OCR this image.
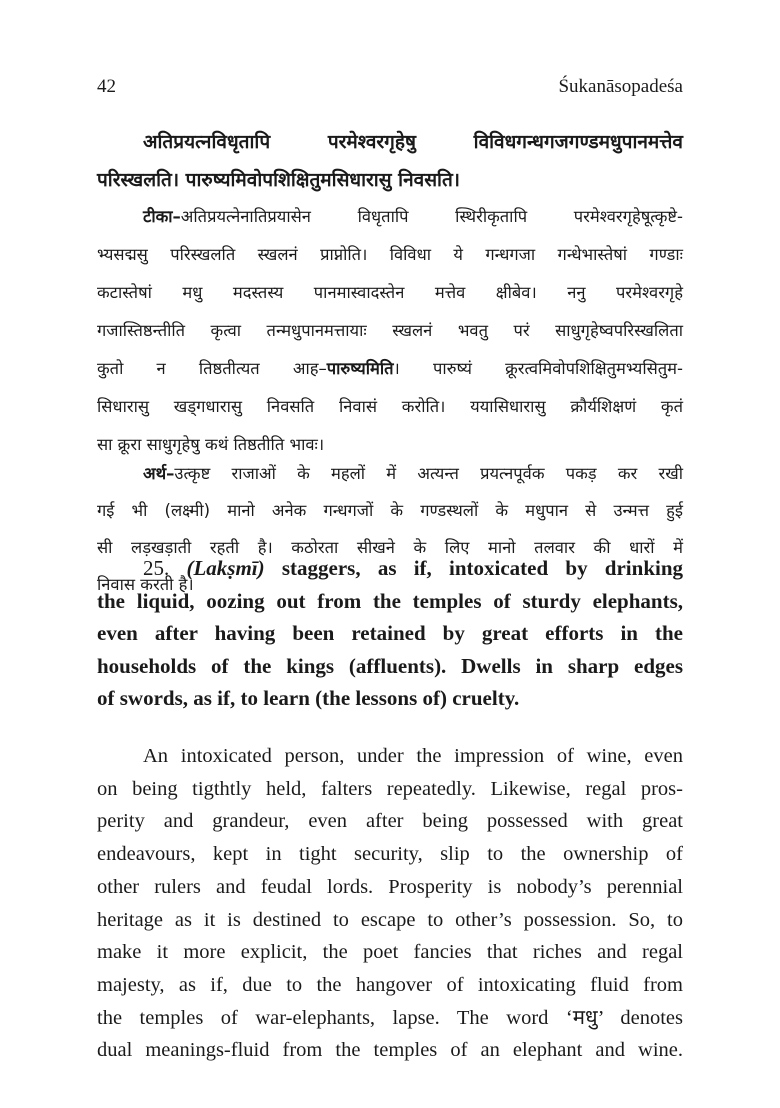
42	Śukanāsopadeśa
अतिप्रयत्नविधृतापि परमेश्वरगृहेषु विविधगन्धगजगण्डमधुपानमत्तेव
परिस्खलति। पारुष्यमिवोपशिक्षितुमसिधारासु निवसति।
टीका–अतिप्रयत्नेनातिप्रयासेन विधृतापि स्थिरीकृतापि परमेश्वरगृहेषूत्कृष्टे-
भ्यसद्मसु परिस्खलति स्खलनं प्राप्नोति। विविधा ये गन्धगजा गन्धेभास्तेषां गण्डाः
कटास्तेषां मधु मदस्तस्य पानमास्वादस्तेन मत्तेव क्षीबेव। ननु परमेश्वरगृहे
गजास्तिष्ठन्तीति कृत्वा तन्मधुपानमत्तायाः स्खलनं भवतु परं साधुगृहेष्वपरिस्खलिता
कुतो न तिष्ठतीत्यत आह–पारुष्यमिति। पारुष्यं क्रूरत्वमिवोपशिक्षितुमभ्यसितुम-
सिधारासु खड्गधारासु निवसति निवासं करोति। ययासिधारासु क्रौर्यशिक्षणं कृतं
सा क्रूरा साधुगृहेषु कथं तिष्ठतीति भावः।
अर्थ–उत्कृष्ट राजाओं के महलों में अत्यन्त प्रयत्नपूर्वक पकड़ कर रखी
गई भी (लक्ष्मी) मानो अनेक गन्धगजों के गण्डस्थलों के मधुपान से उन्मत्त हुई
सी लड़खड़ाती रहती है। कठोरता सीखने के लिए मानो तलवार की धारों में
निवास करती है।
25. (Lakṣmī) staggers, as if, intoxicated by drinking
the liquid, oozing out from the temples of sturdy elephants,
even after having been retained by great efforts in the
households of the kings (affluents). Dwells in sharp edges
of swords, as if, to learn (the lessons of) cruelty.
An intoxicated person, under the impression of wine, even
on being tigthtly held, falters repeatedly. Likewise, regal pros-
perity and grandeur, even after being possessed with great
endeavours, kept in tight security, slip to the ownership of
other rulers and feudal lords. Prosperity is nobody’s perennial
heritage as it is destined to escape to other’s possession. So, to
make it more explicit, the poet fancies that riches and regal
majesty, as if, due to the hangover of intoxicating fluid from
the temples of war-elephants, lapse. The word ‘मधु’ denotes
dual meanings-fluid from the temples of an elephant and wine.
